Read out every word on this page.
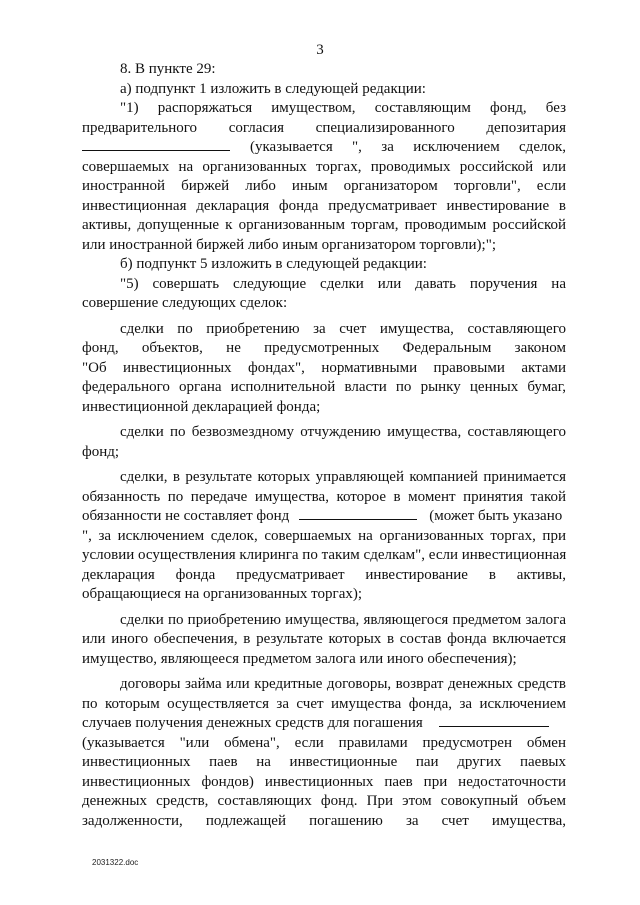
3
8. В пункте 29:
а) подпункт 1 изложить в следующей редакции:
"1) распоряжаться имуществом, составляющим фонд, без
предварительного согласия специализированного депозитария
(указывается ", за исключением сделок,
совершаемых на организованных торгах, проводимых российской или
иностранной биржей либо иным организатором торговли", если
инвестиционная декларация фонда предусматривает инвестирование в
активы, допущенные к организованным торгам, проводимым российской
или иностранной биржей либо иным организатором торговли);";
б) подпункт 5 изложить в следующей редакции:
"5) совершать следующие сделки или давать поручения на
совершение следующих сделок:
сделки по приобретению за счет имущества, составляющего
фонд, объектов, не предусмотренных Федеральным законом
"Об инвестиционных фондах", нормативными правовыми актами
федерального органа исполнительной власти по рынку ценных бумаг,
инвестиционной декларацией фонда;
сделки по безвозмездному отчуждению имущества, составляющего
фонд;
сделки, в результате которых управляющей компанией принимается
обязанность по передаче имущества, которое в момент принятия такой
обязанности не составляет фонд	(может быть указано
", за исключением сделок, совершаемых на организованных торгах, при
условии осуществления клиринга по таким сделкам", если инвестиционная
декларация фонда предусматривает инвестирование в активы,
обращающиеся на организованных торгах);
сделки по приобретению имущества, являющегося предметом залога
или иного обеспечения, в результате которых в состав фонда включается
имущество, являющееся предметом залога или иного обеспечения);
договоры займа или кредитные договоры, возврат денежных средств
по которым осуществляется за счет имущества фонда, за исключением
случаев получения денежных средств для погашения
(указывается "или обмена", если правилами предусмотрен обмен
инвестиционных паев на инвестиционные паи других паевых
инвестиционных фондов) инвестиционных паев при недостаточности
денежных средств, составляющих фонд. При этом совокупный объем
задолженности, подлежащей погашению за счет имущества,
2031322.doc
